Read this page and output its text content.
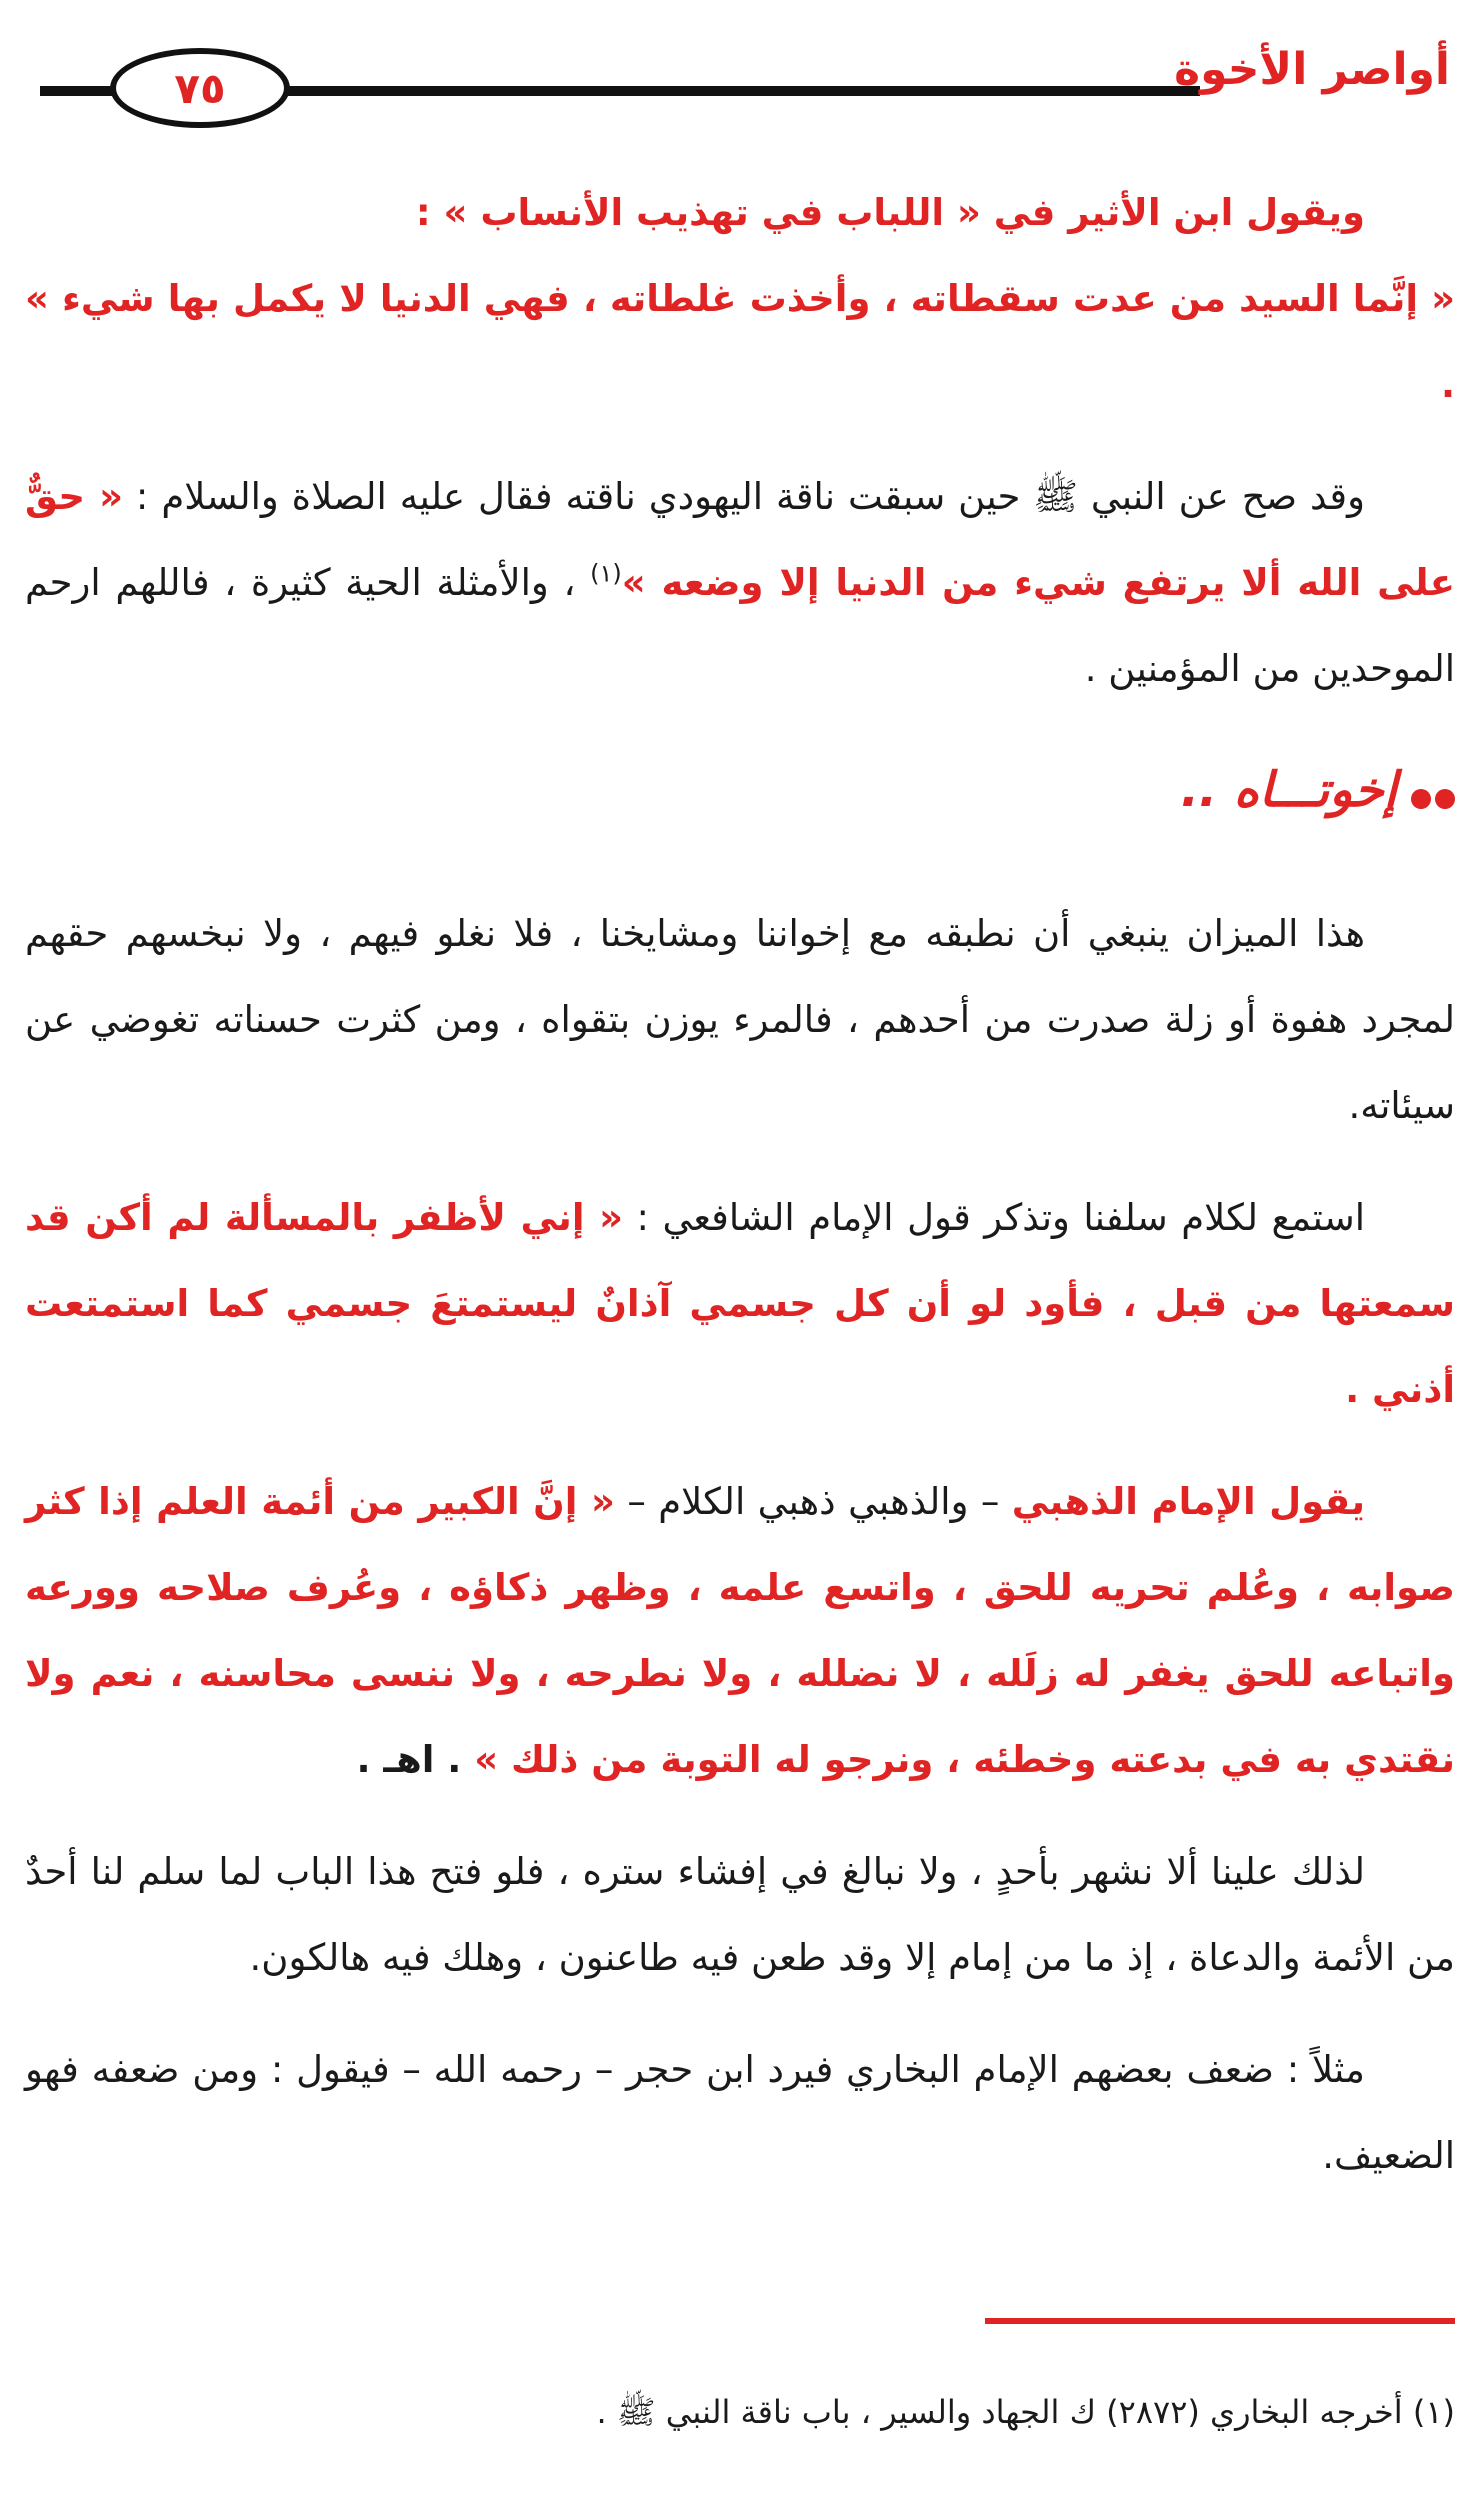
٧٥	أواصر الأخوة

ويقول ابن الأثير في « اللباب في تهذيب الأنساب » :

« إنَّما السيد من عدت سقطاته ، وأخذت غلطاته ، فهي الدنيا لا يكمل بها شيء » .

وقد صح عن النبي ﷺ حين سبقت ناقة اليهودي ناقته فقال عليه الصلاة والسلام : « حقٌّ على الله ألا يرتفع شيء من الدنيا إلا وضعه »$^{(١)}$ ، والأمثلة الحية كثيرة ، فاللهم ارحم الموحدين من المؤمنين .

إخوتـــاه ..

هذا الميزان ينبغي أن نطبقه مع إخواننا ومشايخنا ، فلا نغلو فيهم ، ولا نبخسهم حقهم لمجرد هفوة أو زلة صدرت من أحدهم ، فالمرء يوزن بتقواه ، ومن كثرت حسناته تغوضي عن سيئاته.

استمع لكلام سلفنا وتذكر قول الإمام الشافعي : « إني لأظفر بالمسألة لم أكن قد سمعتها من قبل ، فأود لو أن كل جسمي آذانٌ ليستمتعَ جسمي كما استمتعت أذني .

يقول الإمام الذهبي – والذهبي ذهبي الكلام – « إنَّ الكبير من أئمة العلم إذا كثر صوابه ، وعُلم تحريه للحق ، واتسع علمه ، وظهر ذكاؤه ، وعُرف صلاحه وورعه واتباعه للحق يغفر له زلَله ، لا نضلله ، ولا نطرحه ، ولا ننسى محاسنه ، نعم ولا نقتدي به في بدعته وخطئه ، ونرجو له التوبة من ذلك » . اهـ .

لذلك علينا ألا نشهر بأحدٍ ، ولا نبالغ في إفشاء ستره ، فلو فتح هذا الباب لما سلم لنا أحدٌ من الأئمة والدعاة ، إذ ما من إمام إلا وقد طعن فيه طاعنون ، وهلك فيه هالكون.

مثلاً : ضعف بعضهم الإمام البخاري فيرد ابن حجر – رحمه الله – فيقول : ومن ضعفه فهو الضعيف.

(١) أخرجه البخاري (٢٨٧٢) ك الجهاد والسير ، باب ناقة النبي ﷺ .
